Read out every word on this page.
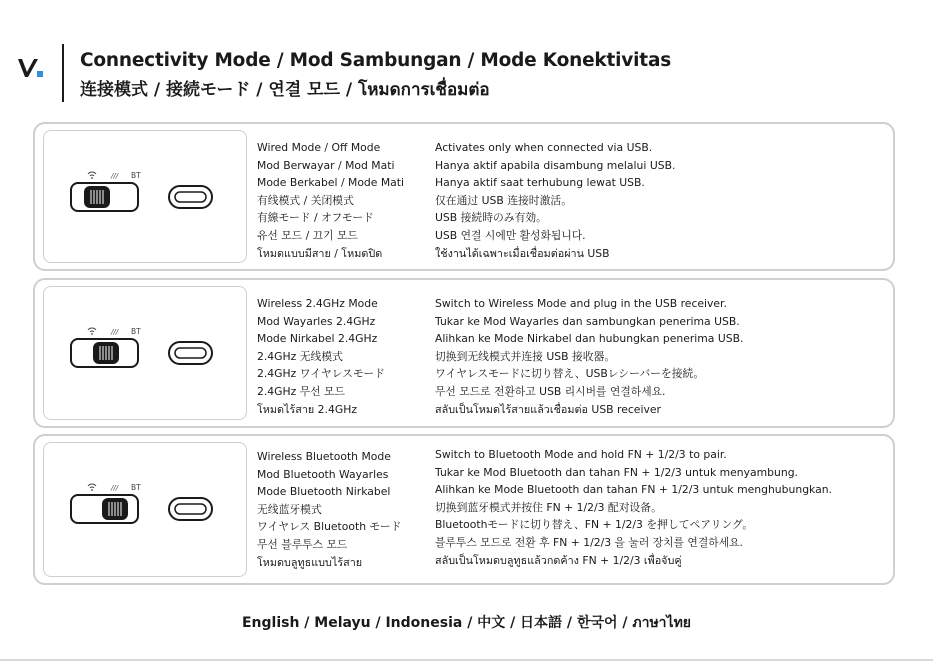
Connectivity Mode / Mod Sambungan / Mode Konektivitas
连接模式 / 接続モード / 연결 모드 / โหมดการเชื่อมต่อ
/// BT
Wired Mode / Off Mode
Mod Berwayar / Mod Mati
Mode Berkabel / Mode Mati
有线模式 / 关闭模式
有線モード / オフモード
유선 모드 / 끄기 모드
โหมดแบบมีสาย / โหมดปิด
Activates only when connected via USB.
Hanya aktif apabila disambung melalui USB.
Hanya aktif saat terhubung lewat USB.
仅在通过 USB 连接时激活。
USB 接続時のみ有効。
USB 연결 시에만 활성화됩니다.
ใช้งานได้เฉพาะเมื่อเชื่อมต่อผ่าน USB
/// BT
Wireless 2.4GHz Mode
Mod Wayarles 2.4GHz
Mode Nirkabel 2.4GHz
2.4GHz 无线模式
2.4GHz ワイヤレスモード
2.4GHz 무선 모드
โหมดไร้สาย 2.4GHz
Switch to Wireless Mode and plug in the USB receiver.
Tukar ke Mod Wayarles dan sambungkan penerima USB.
Alihkan ke Mode Nirkabel dan hubungkan penerima USB.
切换到无线模式并连接 USB 接收器。
ワイヤレスモードに切り替え、USBレシーバーを接続。
무선 모드로 전환하고 USB 리시버를 연결하세요.
สลับเป็นโหมดไร้สายแล้วเชื่อมต่อ USB receiver
/// BT
Wireless Bluetooth Mode
Mod Bluetooth Wayarles
Mode Bluetooth Nirkabel
无线蓝牙模式
ワイヤレス Bluetooth モード
무선 블루투스 모드
โหมดบลูทูธแบบไร้สาย
Switch to Bluetooth Mode and hold FN + 1/2/3 to pair.
Tukar ke Mod Bluetooth dan tahan FN + 1/2/3 untuk menyambung.
Alihkan ke Mode Bluetooth dan tahan FN + 1/2/3 untuk menghubungkan.
切换到蓝牙模式并按住 FN + 1/2/3 配对设备。
Bluetoothモードに切り替え、FN + 1/2/3 を押してペアリング。
블루투스 모드로 전환 후 FN + 1/2/3 을 눌러 장치를 연결하세요.
สลับเป็นโหมดบลูทูธแล้วกดค้าง FN + 1/2/3 เพื่อจับคู่
English / Melayu / Indonesia / 中文 / 日本語 / 한국어 / ภาษาไทย
